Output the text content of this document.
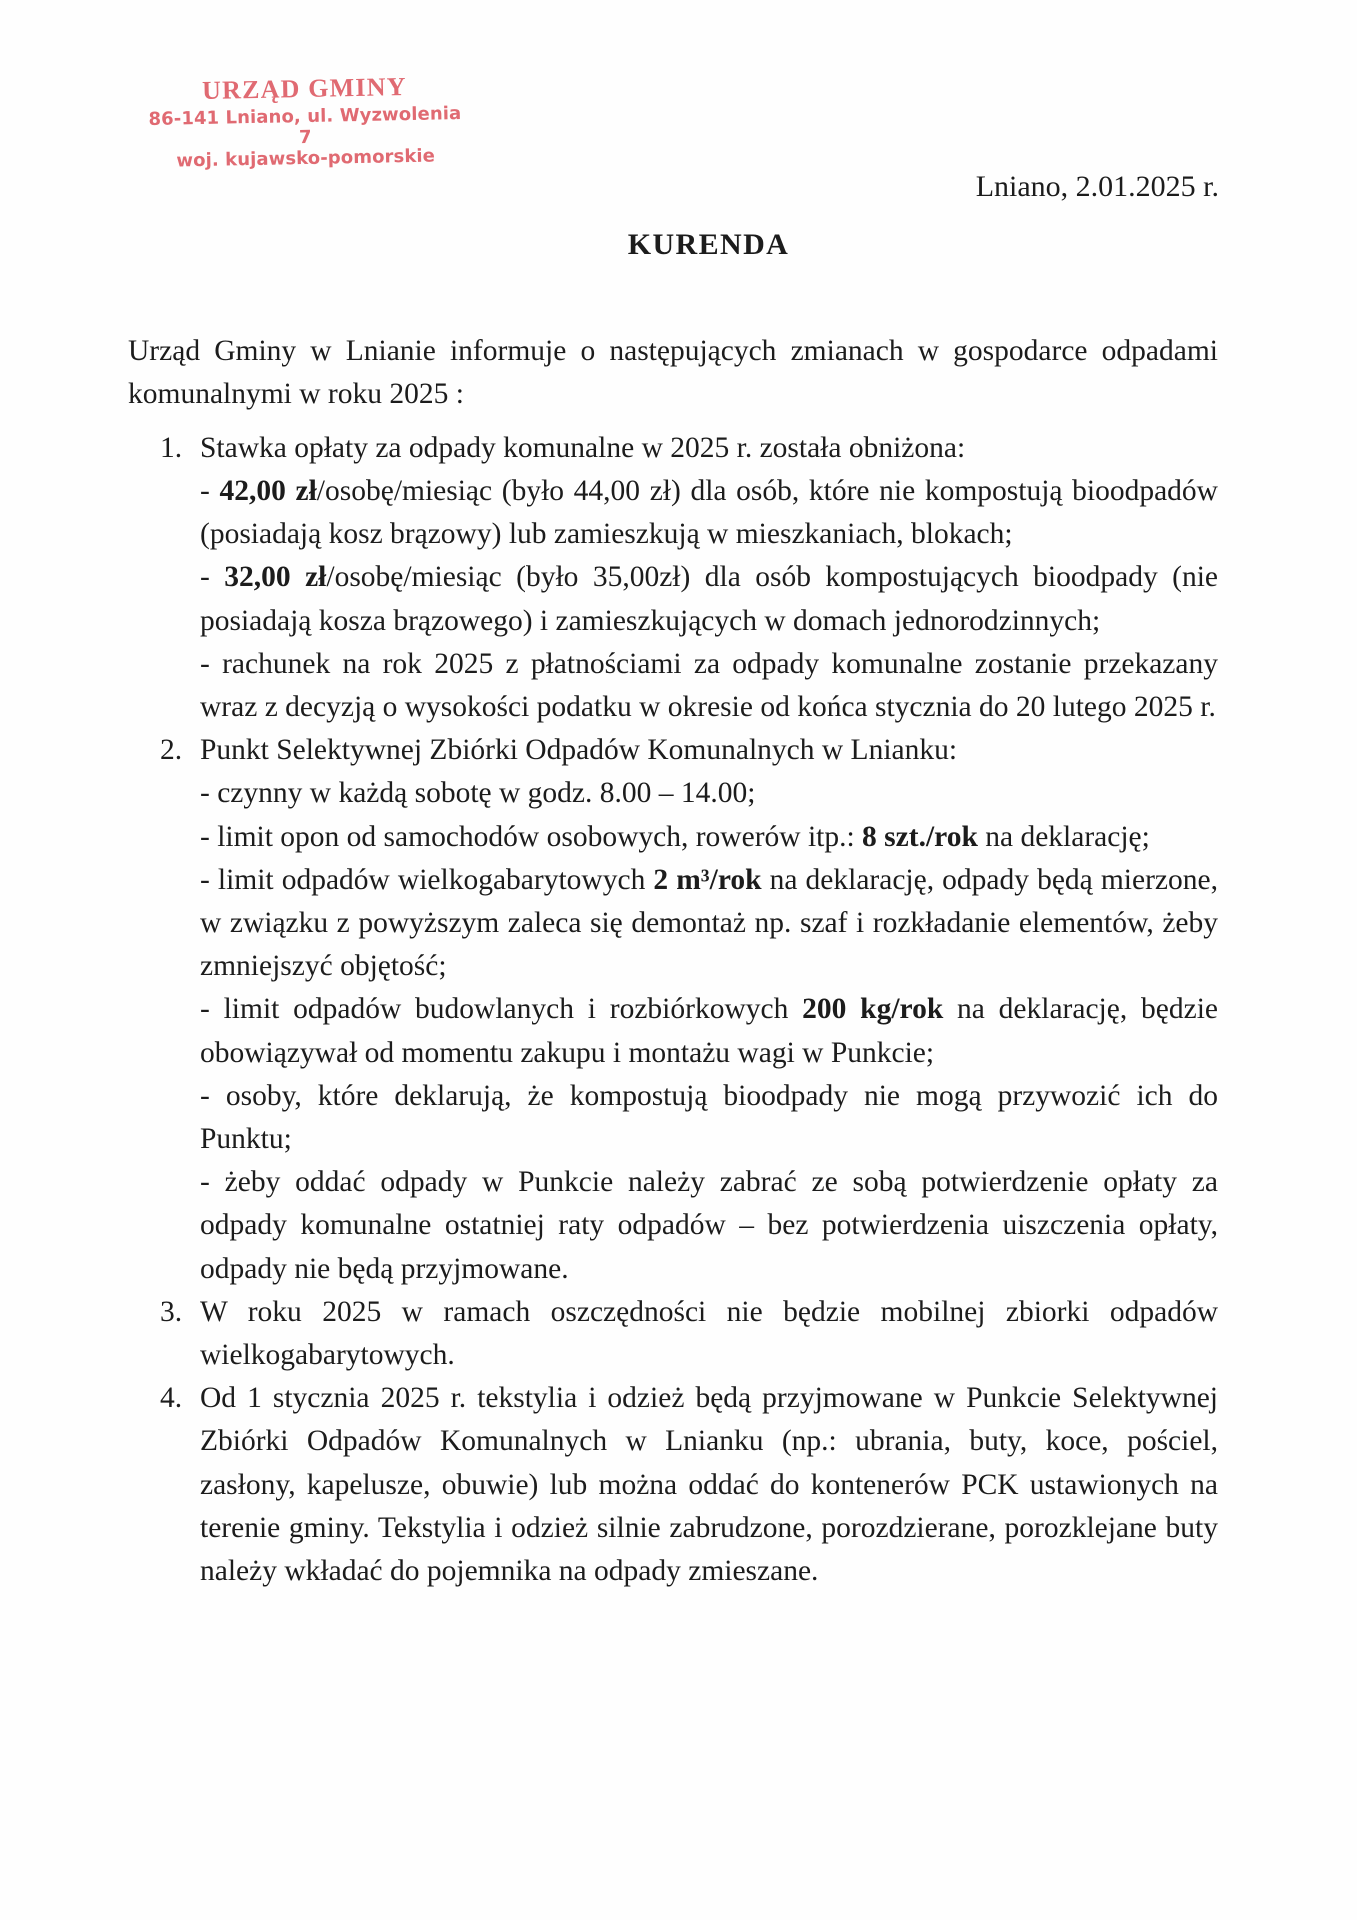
URZĄD GMINY
86-141 Lniano, ul. Wyzwolenia 7
woj. kujawsko-pomorskie
Lniano, 2.01.2025 r.
KURENDA

Urząd Gminy w Lnianie informuje o następujących zmianach w gospodarce odpadami komunalnymi w roku 2025 :

Stawka opłaty za odpady komunalne w 2025 r. została obniżona:
- 42,00 zł/osobę/miesiąc (było 44,00 zł) dla osób, które nie kompostują bioodpadów (posiadają kosz brązowy) lub zamieszkują w mieszkaniach, blokach;
- 32,00 zł/osobę/miesiąc (było 35,00zł) dla osób kompostujących bioodpady (nie posiadają kosza brązowego) i zamieszkujących w domach jednorodzinnych;
- rachunek na rok 2025 z płatnościami za odpady komunalne zostanie przekazany wraz z decyzją o wysokości podatku w okresie od końca stycznia do 20 lutego 2025 r.
Punkt Selektywnej Zbiórki Odpadów Komunalnych w Lnianku:
- czynny w każdą sobotę w godz. 8.00 – 14.00;
- limit opon od samochodów osobowych, rowerów itp.: 8 szt./rok na deklarację;
- limit odpadów wielkogabarytowych 2 m³/rok na deklarację, odpady będą mierzone, w związku z powyższym zaleca się demontaż np. szaf i rozkładanie elementów, żeby zmniejszyć objętość;
- limit odpadów budowlanych i rozbiórkowych 200 kg/rok na deklarację, będzie obowiązywał od momentu zakupu i montażu wagi w Punkcie;
- osoby, które deklarują, że kompostują bioodpady nie mogą przywozić ich do Punktu;
- żeby oddać odpady w Punkcie należy zabrać ze sobą potwierdzenie opłaty za odpady komunalne ostatniej raty odpadów – bez potwierdzenia uiszczenia opłaty, odpady nie będą przyjmowane.
W roku 2025 w ramach oszczędności nie będzie mobilnej zbiorki odpadów wielkogabarytowych.
Od 1 stycznia 2025 r. tekstylia i odzież będą przyjmowane w Punkcie Selektywnej Zbiórki Odpadów Komunalnych w Lnianku (np.: ubrania, buty, koce, pościel, zasłony, kapelusze, obuwie) lub można oddać do kontenerów PCK ustawionych na terenie gminy. Tekstylia i odzież silnie zabrudzone, porozdzierane, porozklejane buty należy wkładać do pojemnika na odpady zmieszane.
